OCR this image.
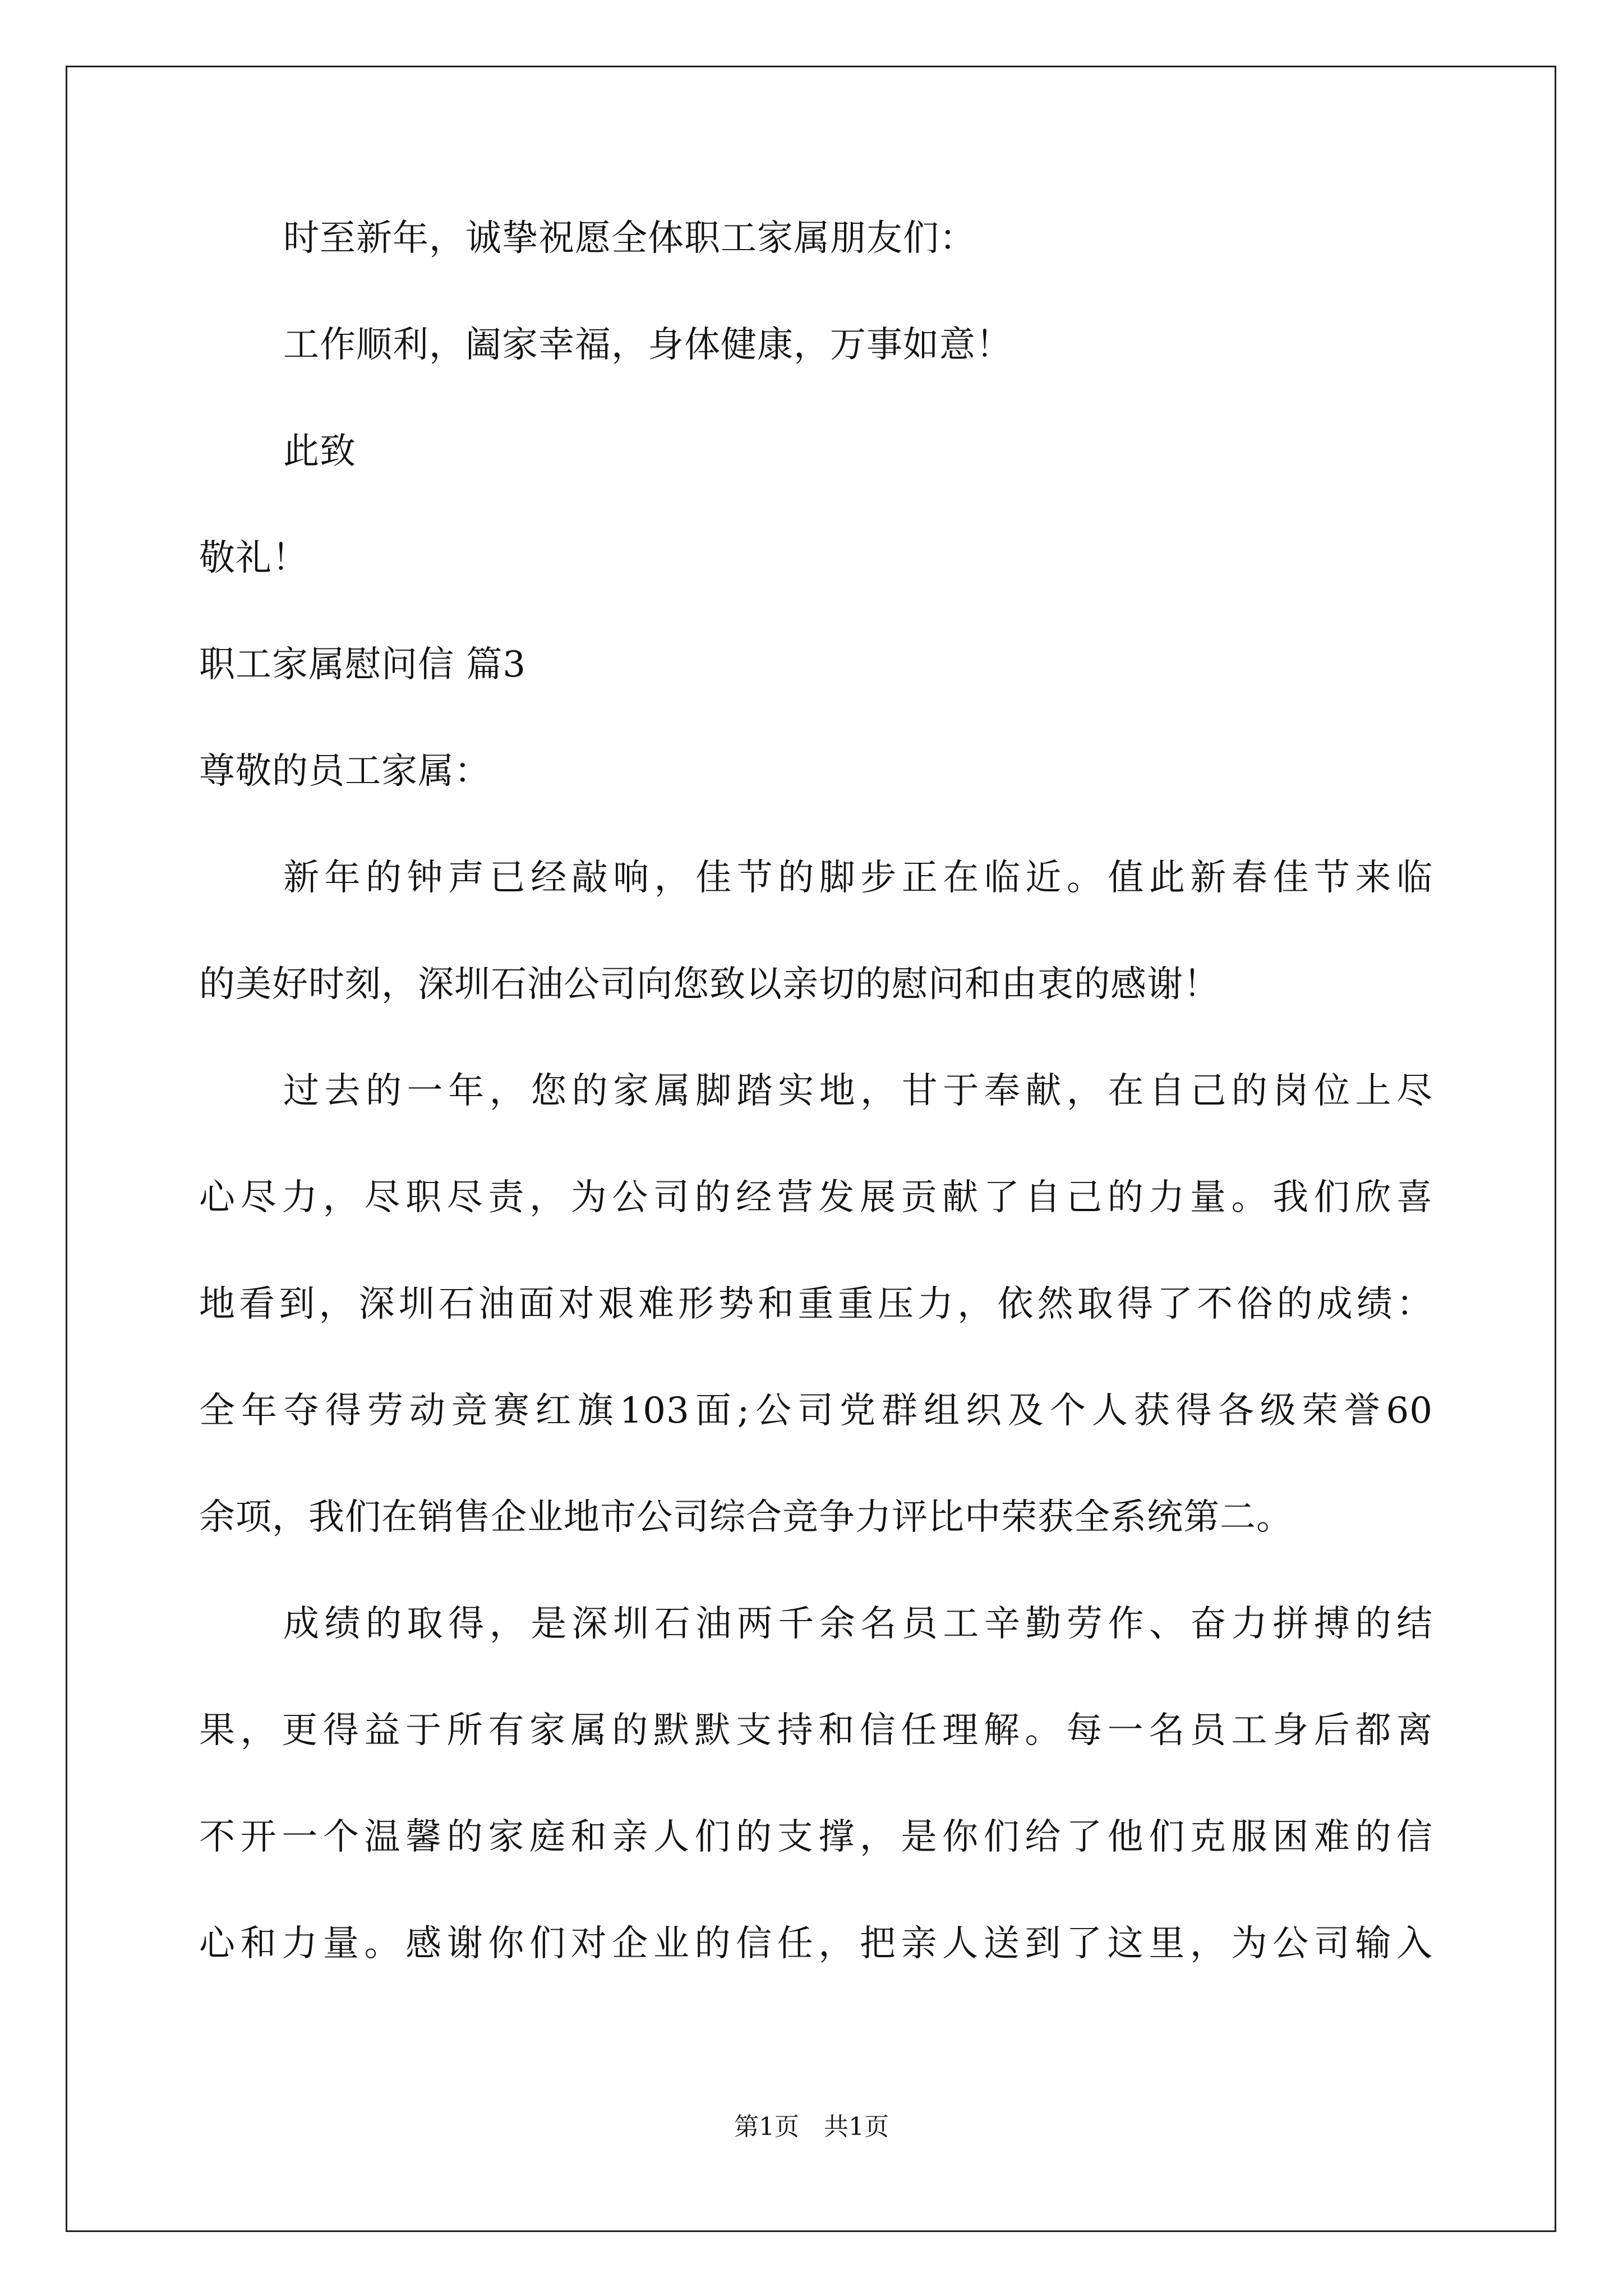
时至新年，诚挚祝愿全体职工家属朋友们：
工作顺利，阖家幸福，身体健康，万事如意！
此致
敬礼！
职工家属慰问信 篇3
尊敬的员工家属：
新年的钟声已经敲响，佳节的脚步正在临近。值此新春佳节来临
的美好时刻，深圳石油公司向您致以亲切的慰问和由衷的感谢！
过去的一年，您的家属脚踏实地，甘于奉献，在自己的岗位上尽
心尽力，尽职尽责，为公司的经营发展贡献了自己的力量。我们欣喜
地看到，深圳石油面对艰难形势和重重压力，依然取得了不俗的成绩：
全年夺得劳动竞赛红旗103面;公司党群组织及个人获得各级荣誉60
余项，我们在销售企业地市公司综合竞争力评比中荣获全系统第二。
成绩的取得，是深圳石油两千余名员工辛勤劳作、奋力拼搏的结
果，更得益于所有家属的默默支持和信任理解。每一名员工身后都离
不开一个温馨的家庭和亲人们的支撑，是你们给了他们克服困难的信
心和力量。感谢你们对企业的信任，把亲人送到了这里，为公司输入
第1页　共1页
